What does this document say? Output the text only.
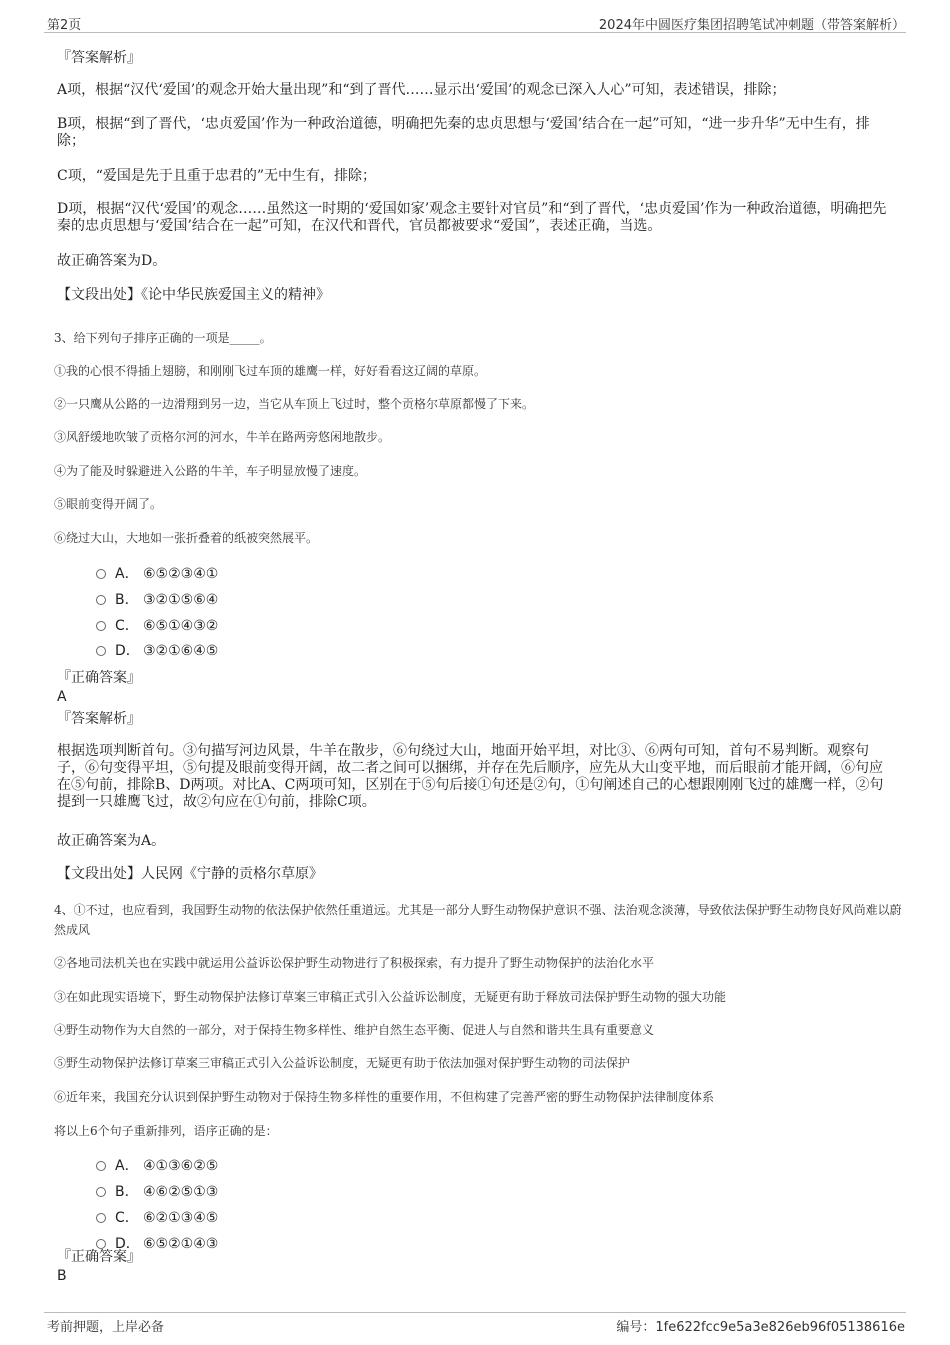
第2页	2024年中圆医疗集团招聘笔试冲刺题（带答案解析）
『答案解析』
A项，根据“汉代‘爱国’的观念开始大量出现”和“到了晋代……显示出‘爱国’的观念已深入人心”可知，表述错误，排除；
B项，根据“到了晋代，‘忠贞爱国’作为一种政治道德，明确把先秦的忠贞思想与‘爱国’结合在一起”可知，“进一步升华”无中生有，排除；
C项，“爱国是先于且重于忠君的”无中生有，排除；
D项，根据“汉代‘爱国’的观念……虽然这一时期的‘爱国如家’观念主要针对官员”和“到了晋代，‘忠贞爱国’作为一种政治道德，明确把先秦的忠贞思想与‘爱国’结合在一起”可知，在汉代和晋代，官员都被要求“爱国”，表述正确，当选。
故正确答案为D。
【文段出处】《论中华民族爱国主义的精神》
3、给下列句子排序正确的一项是_____。
①我的心恨不得插上翅膀，和刚刚飞过车顶的雄鹰一样，好好看看这辽阔的草原。
②一只鹰从公路的一边滑翔到另一边，当它从车顶上飞过时，整个贡格尔草原都慢了下来。
③风舒缓地吹皱了贡格尔河的河水，牛羊在路两旁悠闲地散步。
④为了能及时躲避进入公路的牛羊，车子明显放慢了速度。
⑤眼前变得开阔了。
⑥绕过大山，大地如一张折叠着的纸被突然展平。
A． ⑥⑤②③④①
B． ③②①⑤⑥④
C． ⑥⑤①④③②
D． ③②①⑥④⑤
『正确答案』
A
『答案解析』
根据选项判断首句。③句描写河边风景，牛羊在散步，⑥句绕过大山，地面开始平坦，对比③、⑥两句可知，首句不易判断。观察句子，⑥句变得平坦，⑤句提及眼前变得开阔，故二者之间可以捆绑，并存在先后顺序，应先从大山变平地，而后眼前才能开阔，⑥句应在⑤句前，排除B、D两项。对比A、C两项可知，区别在于⑤句后接①句还是②句，①句阐述自己的心想跟刚刚飞过的雄鹰一样，②句提到一只雄鹰飞过，故②句应在①句前，排除C项。
故正确答案为A。
【文段出处】人民网《宁静的贡格尔草原》
4、①不过，也应看到，我国野生动物的依法保护依然任重道远。尤其是一部分人野生动物保护意识不强、法治观念淡薄，导致依法保护野生动物良好风尚难以蔚然成风
②各地司法机关也在实践中就运用公益诉讼保护野生动物进行了积极探索，有力提升了野生动物保护的法治化水平
③在如此现实语境下，野生动物保护法修订草案三审稿正式引入公益诉讼制度，无疑更有助于释放司法保护野生动物的强大功能
④野生动物作为大自然的一部分，对于保持生物多样性、维护自然生态平衡、促进人与自然和谐共生具有重要意义
⑤野生动物保护法修订草案三审稿正式引入公益诉讼制度，无疑更有助于依法加强对保护野生动物的司法保护
⑥近年来，我国充分认识到保护野生动物对于保持生物多样性的重要作用，不但构建了完善严密的野生动物保护法律制度体系
将以上6个句子重新排列，语序正确的是：
A． ④①③⑥②⑤
B． ④⑥②⑤①③
C． ⑥②①③④⑤
D． ⑥⑤②①④③
『正确答案』
B
考前押题，上岸必备	编号：1fe622fcc9e5a3e826eb96f05138616e
